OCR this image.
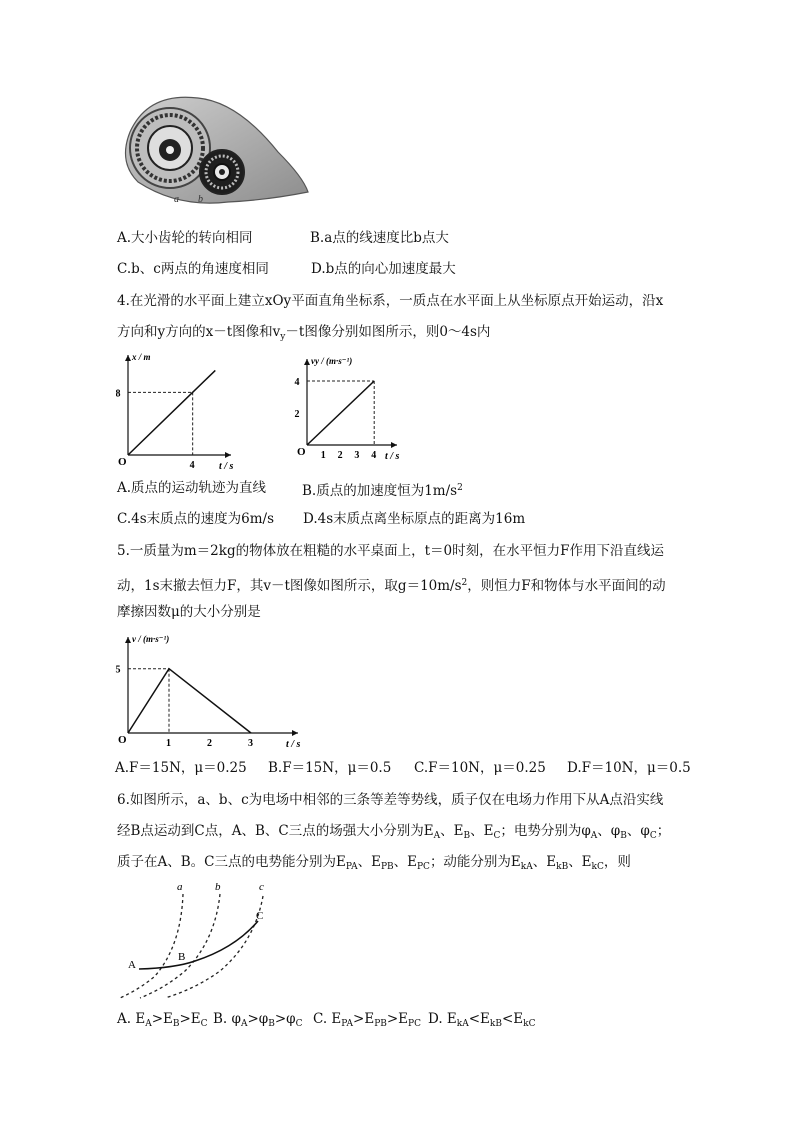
a b
A.大小齿轮的转向相同	B.a点的线速度比b点大
C.b、c两点的角速度相同	D.b点的向心加速度最大
4.在光滑的水平面上建立xOy平面直角坐标系，一质点在水平面上从坐标原点开始运动，沿x
方向和y方向的x－t图像和$v_y-t$图像分别如图所示，则0～4s内
x / m
t / s
O	4
8
vy / (m·s⁻¹)
t / s
O 1 2 3 4
2
4
A.质点的运动轨迹为直线	B.质点的加速度恒为$1m/s^2$
C.4s末质点的速度为6m/s D.4s末质点离坐标原点的距离为16m
5.一质量为m＝2kg的物体放在粗糙的水平桌面上，t＝0时刻，在水平恒力F作用下沿直线运
动，1s末撤去恒力F，其v－t图像如图所示，取$g=10m/s^2$，则恒力F和物体与水平面间的动
摩擦因数μ的大小分别是
v / (m·s⁻¹)
t / s
O	1	2	3
5
A.F＝15N，μ＝0.25 B.F＝15N，μ＝0.5 C.F＝10N，μ＝0.25 D.F＝10N，μ＝0.5
6.如图所示，a、b、c为电场中相邻的三条等差等势线，质子仅在电场力作用下从A点沿实线
经B点运动到C点，A、B、C三点的场强大小分别为$E_A$、$E_B$、$E_C$；电势分别为$\varphi_A$、$\varphi_B$、$\varphi_C$；
质子在A、B。C三点的电势能分别为$E_{PA}$、$E_{PB}$、$E_{PC}$；动能分别为$E_{kA}$、$E_{kB}$、$E_{kC}$，则
a	b	c
A
B
C
A. $E_A>E_B>E_C$ B. $\varphi_A>\varphi_B>\varphi_C$ C. $E_{PA}>E_{PB}>E_{PC}$ D. $E_{kA}<E_{kB}<E_{kC}$
